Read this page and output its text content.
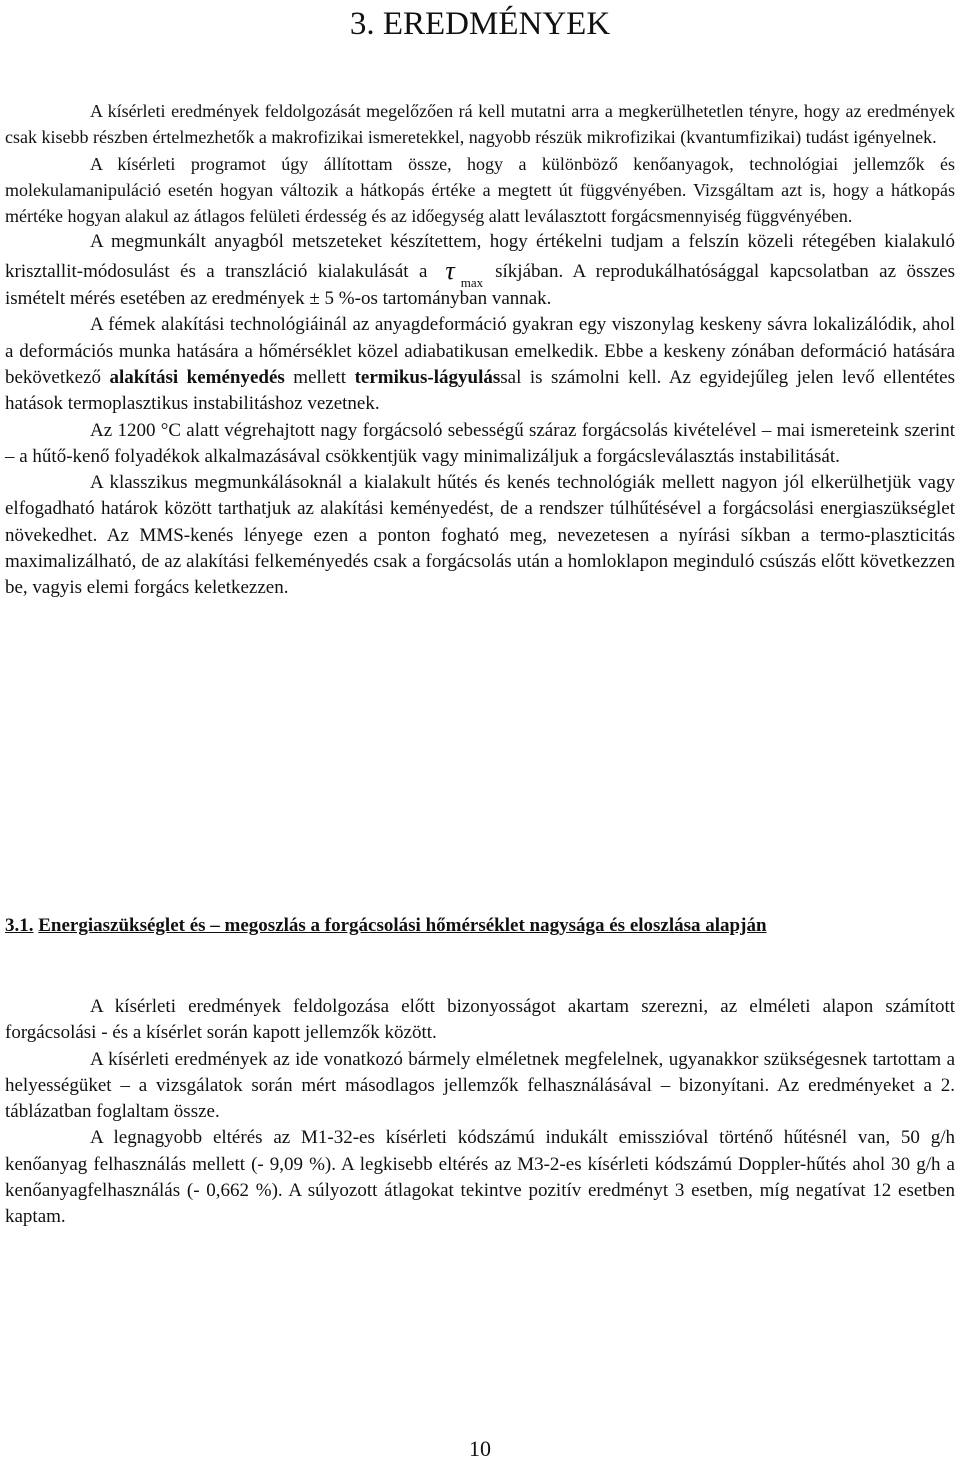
3. EREDMÉNYEK

A kísérleti eredmények feldolgozását megelőzően rá kell mutatni arra a megkerülhetetlen tényre, hogy az eredmények csak kisebb részben értelmezhetők a makrofizikai ismeretekkel, nagyobb részük mikrofizikai (kvantumfizikai) tudást igényelnek.

A kísérleti programot úgy állítottam össze, hogy a különböző kenőanyagok, technológiai jellemzők és molekulamanipuláció esetén hogyan változik a hátkopás értéke a megtett út függvényében. Vizsgáltam azt is, hogy a hátkopás mértéke hogyan alakul az átlagos felületi érdesség és az időegység alatt leválasztott forgácsmennyiség függvényében.

A megmunkált anyagból metszeteket készítettem, hogy értékelni tudjam a felszín közeli rétegében kialakuló krisztallit-módosulást és a transzláció kialakulását a τ $_{max}$síkjában. A reprodukálhatósággal kapcsolatban az összes ismételt mérés esetében az eredmények ± 5 %-os tartományban vannak.

A fémek alakítási technológiáinál az anyagdeformáció gyakran egy viszonylag keskeny sávra lokalizálódik, ahol a deformációs munka hatására a hőmérséklet közel adiabatikusan emelkedik. Ebbe a keskeny zónában deformáció hatására bekövetkező alakítási keményedés mellett termikus-lágyulással is számolni kell. Az egyidejűleg jelen levő ellentétes hatások termoplasztikus instabilitáshoz vezetnek.

Az 1200 °C alatt végrehajtott nagy forgácsoló sebességű száraz forgácsolás kivételével – mai ismereteink szerint – a hűtő-kenő folyadékok alkalmazásával csökkentjük vagy minimalizáljuk a forgácsleválasztás instabilitását.

A klasszikus megmunkálásoknál a kialakult hűtés és kenés technológiák mellett nagyon jól elkerülhetjük vagy elfogadható határok között tarthatjuk az alakítási keményedést, de a rendszer túlhűtésével a forgácsolási energiaszükséglet növekedhet. Az MMS-kenés lényege ezen a ponton fogható meg, nevezetesen a nyírási síkban a termo-plaszticitás maximalizálható, de az alakítási felkeményedés csak a forgácsolás után a homloklapon meginduló csúszás előtt következzen be, vagyis elemi forgács keletkezzen.

3.1. Energiaszükséglet és – megoszlás a forgácsolási hőmérséklet nagysága és eloszlása alapján

A kísérleti eredmények feldolgozása előtt bizonyosságot akartam szerezni, az elméleti alapon számított forgácsolási - és a kísérlet során kapott jellemzők között.

A kísérleti eredmények az ide vonatkozó bármely elméletnek megfelelnek, ugyanakkor szükségesnek tartottam a helyességüket – a vizsgálatok során mért másodlagos jellemzők felhasználásával – bizonyítani. Az eredményeket a 2. táblázatban foglaltam össze.

A legnagyobb eltérés az M1-32-es kísérleti kódszámú indukált emisszióval történő hűtésnél van, 50 g/h kenőanyag felhasználás mellett (- 9,09 %). A legkisebb eltérés az M3-2-es kísérleti kódszámú Doppler-hűtés ahol 30 g/h a kenőanyagfelhasználás (- 0,662 %). A súlyozott átlagokat tekintve pozitív eredményt 3 esetben, míg negatívat 12 esetben kaptam.

10
